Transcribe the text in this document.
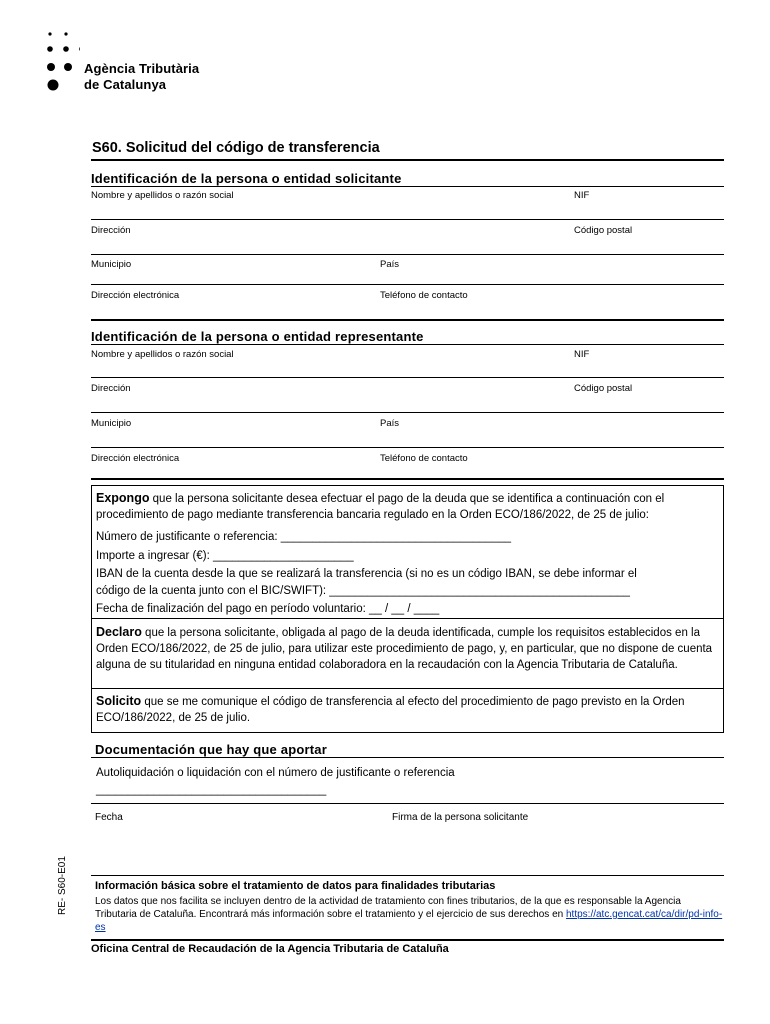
Agència Tributària
de Catalunya
S60. Solicitud del código de transferencia
Identificación de la persona o entidad solicitante
Nombre y apellidos o razón social	NIF
Dirección	Código postal
Municipio	País
Dirección electrónica	Teléfono de contacto
Identificación de la persona o entidad representante
Nombre y apellidos o razón social	NIF
Dirección	Código postal
Municipio	País
Dirección electrónica	Teléfono de contacto
Expongo que la persona solicitante desea efectuar el pago de la deuda que se identifica a continuación con el procedimiento de pago mediante transferencia bancaria regulado en la Orden ECO/186/2022, de 25 de julio:
Número de justificante o referencia: ____________________________________
Importe a ingresar (€): ______________________
IBAN de la cuenta desde la que se realizará la transferencia (si no es un código IBAN, se debe informar el
código de la cuenta junto con el BIC/SWIFT): _______________________________________________
Fecha de finalización del pago en período voluntario: __ / __ / ____
Declaro que la persona solicitante, obligada al pago de la deuda identificada, cumple los requisitos establecidos en la Orden ECO/186/2022, de 25 de julio, para utilizar este procedimiento de pago, y, en particular, que no dispone de cuenta alguna de su titularidad en ninguna entidad colaboradora en la recaudación con la Agencia Tributaria de Cataluña.
Solicito que se me comunique el código de transferencia al efecto del procedimiento de pago previsto en la Orden ECO/186/2022, de 25 de julio.
Documentación que hay que aportar
Autoliquidación o liquidación con el número de justificante o referencia
____________________________________
Fecha	Firma de la persona solicitante
RE- S60-E01 Información básica sobre el tratamiento de datos para finalidades tributarias
Los datos que nos facilita se incluyen dentro de la actividad de tratamiento con fines tributarios, de la que es responsable la Agencia Tributaria de Cataluña. Encontrará más información sobre el tratamiento y el ejercicio de sus derechos en https://atc.gencat.cat/ca/dir/pd-info-es
Oficina Central de Recaudación de la Agencia Tributaria de Cataluña
